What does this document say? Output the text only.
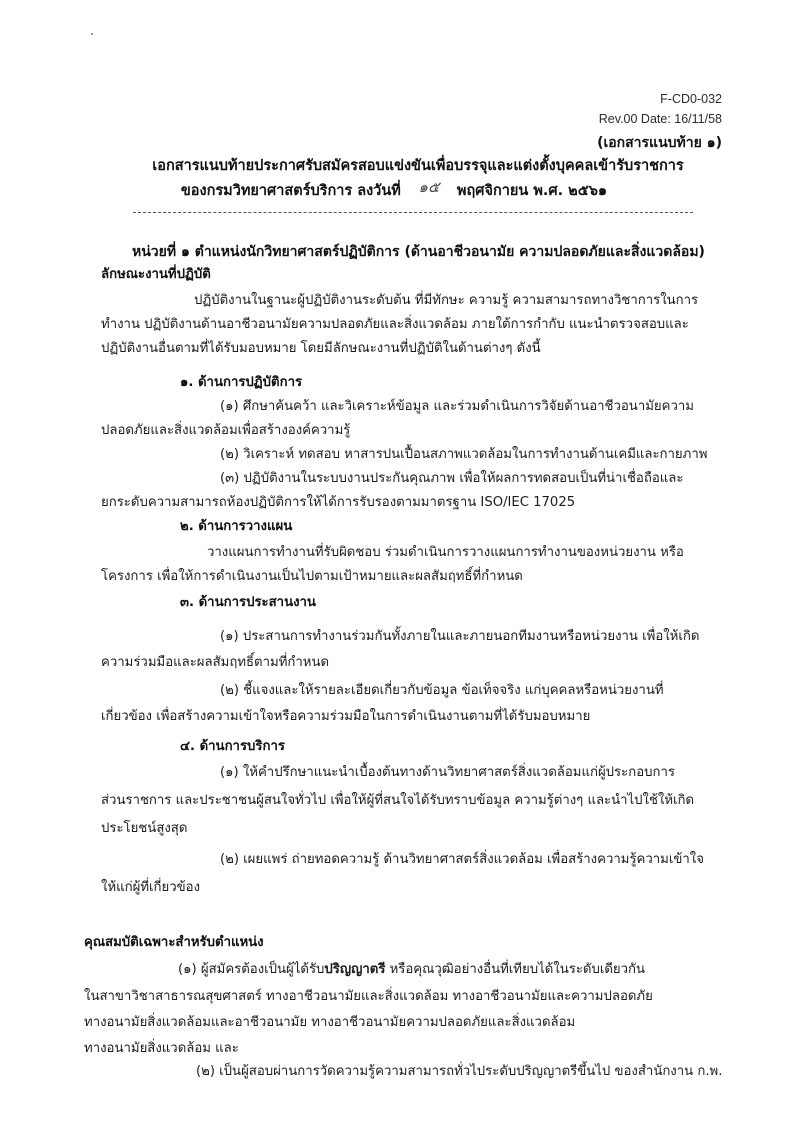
F-CD0-032
Rev.00 Date: 16/11/58
(เอกสารแนบท้าย ๑)
เอกสารแนบท้ายประกาศรับสมัครสอบแข่งขันเพื่อบรรจุและแต่งตั้งบุคคลเข้ารับราชการ
ของกรมวิทยาศาสตร์บริการ ลงวันที่ ๑๕ พฤศจิกายน พ.ศ. ๒๕๖๑
หน่วยที่ ๑ ตำแหน่งนักวิทยาศาสตร์ปฏิบัติการ (ด้านอาชีวอนามัย ความปลอดภัยและสิ่งแวดล้อม)
ลักษณะงานที่ปฏิบัติ
ปฏิบัติงานในฐานะผู้ปฏิบัติงานระดับต้น ที่มีทักษะ ความรู้ ความสามารถทางวิชาการในการ
ทำงาน ปฏิบัติงานด้านอาชีวอนามัยความปลอดภัยและสิ่งแวดล้อม ภายใต้การกำกับ แนะนำตรวจสอบและ
ปฏิบัติงานอื่นตามที่ได้รับมอบหมาย โดยมีลักษณะงานที่ปฏิบัติในด้านต่างๆ ดังนี้
๑. ด้านการปฏิบัติการ
(๑) ศึกษาค้นคว้า และวิเคราะห์ข้อมูล และร่วมดำเนินการวิจัยด้านอาชีวอนามัยความ
ปลอดภัยและสิ่งแวดล้อมเพื่อสร้างองค์ความรู้
(๒) วิเคราะห์ ทดสอบ หาสารปนเปื้อนสภาพแวดล้อมในการทำงานด้านเคมีและกายภาพ
(๓) ปฏิบัติงานในระบบงานประกันคุณภาพ เพื่อให้ผลการทดสอบเป็นที่น่าเชื่อถือและ
ยกระดับความสามารถห้องปฏิบัติการให้ได้การรับรองตามมาตรฐาน ISO/IEC 17025
๒. ด้านการวางแผน
วางแผนการทำงานที่รับผิดชอบ ร่วมดำเนินการวางแผนการทำงานของหน่วยงาน หรือ
โครงการ เพื่อให้การดำเนินงานเป็นไปตามเป้าหมายและผลสัมฤทธิ์ที่กำหนด
๓. ด้านการประสานงาน
(๑) ประสานการทำงานร่วมกันทั้งภายในและภายนอกทีมงานหรือหน่วยงาน เพื่อให้เกิด
ความร่วมมือและผลสัมฤทธิ์ตามที่กำหนด
(๒) ชี้แจงและให้รายละเอียดเกี่ยวกับข้อมูล ข้อเท็จจริง แก่บุคคลหรือหน่วยงานที่
เกี่ยวข้อง เพื่อสร้างความเข้าใจหรือความร่วมมือในการดำเนินงานตามที่ได้รับมอบหมาย
๔. ด้านการบริการ
(๑) ให้คำปรึกษาแนะนำเบื้องต้นทางด้านวิทยาศาสตร์สิ่งแวดล้อมแก่ผู้ประกอบการ
ส่วนราชการ และประชาชนผู้สนใจทั่วไป เพื่อให้ผู้ที่สนใจได้รับทราบข้อมูล ความรู้ต่างๆ และนำไปใช้ให้เกิด
ประโยชน์สูงสุด
(๒) เผยแพร่ ถ่ายทอดความรู้ ด้านวิทยาศาสตร์สิ่งแวดล้อม เพื่อสร้างความรู้ความเข้าใจ
ให้แก่ผู้ที่เกี่ยวข้อง
คุณสมบัติเฉพาะสำหรับตำแหน่ง
(๑) ผู้สมัครต้องเป็นผู้ได้รับปริญญาตรี หรือคุณวุฒิอย่างอื่นที่เทียบได้ในระดับเดียวกัน
ในสาขาวิชาสาธารณสุขศาสตร์ ทางอาชีวอนามัยและสิ่งแวดล้อม ทางอาชีวอนามัยและความปลอดภัย
ทางอนามัยสิ่งแวดล้อมและอาชีวอนามัย ทางอาชีวอนามัยความปลอดภัยและสิ่งแวดล้อม
ทางอนามัยสิ่งแวดล้อม และ
(๒) เป็นผู้สอบผ่านการวัดความรู้ความสามารถทั่วไประดับปริญญาตรีขึ้นไป ของสำนักงาน ก.พ.
